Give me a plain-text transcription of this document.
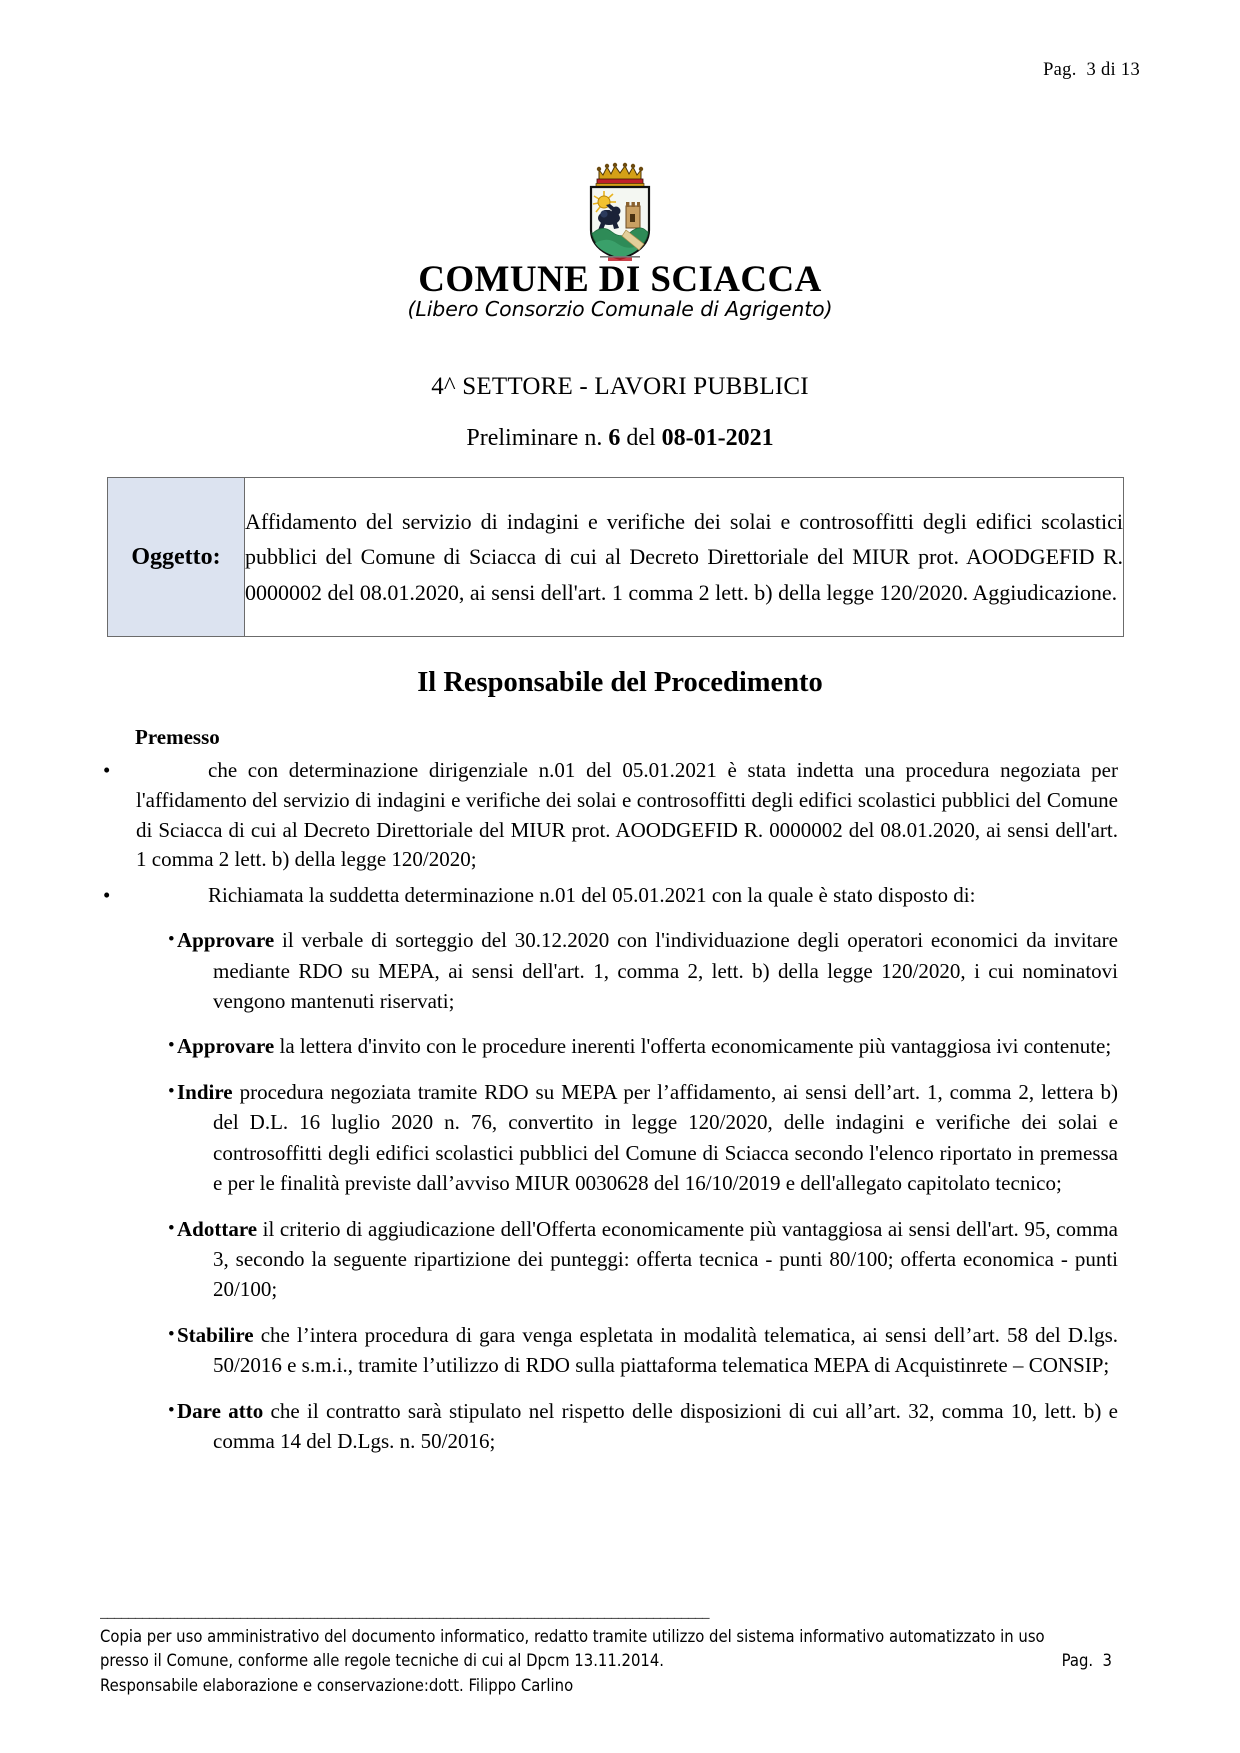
Pag.  3 di 13
COMUNE DI SCIACCA
(Libero Consorzio Comunale di Agrigento)
4^ SETTORE - LAVORI PUBBLICI
Preliminare n. 6 del 08-01-2021
Oggetto:	Affidamento del servizio di indagini e verifiche dei solai e controsoffitti degli edifici scolastici pubblici del Comune di Sciacca di cui al Decreto Direttoriale del MIUR prot. AOODGEFID R. 0000002 del 08.01.2020, ai sensi dell'art. 1 comma 2 lett. b) della legge 120/2020. Aggiudicazione.
Il Responsabile del Procedimento
Premesso
•	che con determinazione dirigenziale n.01 del 05.01.2021 è stata indetta una procedura negoziata per l'affidamento del servizio di indagini e verifiche dei solai e controsoffitti degli edifici scolastici pubblici del Comune di Sciacca di cui al Decreto Direttoriale del MIUR prot. AOODGEFID R. 0000002 del 08.01.2020, ai sensi dell'art. 1 comma 2 lett. b) della legge 120/2020;
•	Richiamata la suddetta determinazione n.01 del 05.01.2021 con la quale è stato disposto di:
• Approvare il verbale di sorteggio del 30.12.2020 con l'individuazione degli operatori economici da invitare mediante RDO su MEPA, ai sensi dell'art. 1, comma 2, lett. b) della legge 120/2020, i cui nominatovi vengono mantenuti riservati;
• Approvare la lettera d'invito con le procedure inerenti l'offerta economicamente più vantaggiosa ivi contenute;
• Indire procedura negoziata tramite RDO su MEPA per l’affidamento, ai sensi dell’art. 1, comma 2, lettera b) del D.L. 16 luglio 2020 n. 76, convertito in legge 120/2020, delle indagini e verifiche dei solai e controsoffitti degli edifici scolastici pubblici del Comune di Sciacca secondo l'elenco riportato in premessa e per le finalità previste dall’avviso MIUR 0030628 del 16/10/2019 e dell'allegato capitolato tecnico;
• Adottare il criterio di aggiudicazione dell'Offerta economicamente più vantaggiosa ai sensi dell'art. 95, comma 3, secondo la seguente ripartizione dei punteggi: offerta tecnica - punti 80/100; offerta economica - punti 20/100;
• Stabilire che l’intera procedura di gara venga espletata in modalità telematica, ai sensi dell’art. 58 del D.lgs. 50/2016 e s.m.i., tramite l’utilizzo di RDO sulla piattaforma telematica MEPA di Acquistinrete – CONSIP;
• Dare atto che il contratto sarà stipulato nel rispetto delle disposizioni di cui all’art. 32, comma 10, lett. b) e comma 14 del D.Lgs. n. 50/2016;
_______________________________________________________________________________________
Copia per uso amministrativo del documento informatico, redatto tramite utilizzo del sistema informativo automatizzato in uso
presso il Comune, conforme alle regole tecniche di cui al Dpcm 13.11.2014.	Pag.  3
Responsabile elaborazione e conservazione:dott. Filippo Carlino
